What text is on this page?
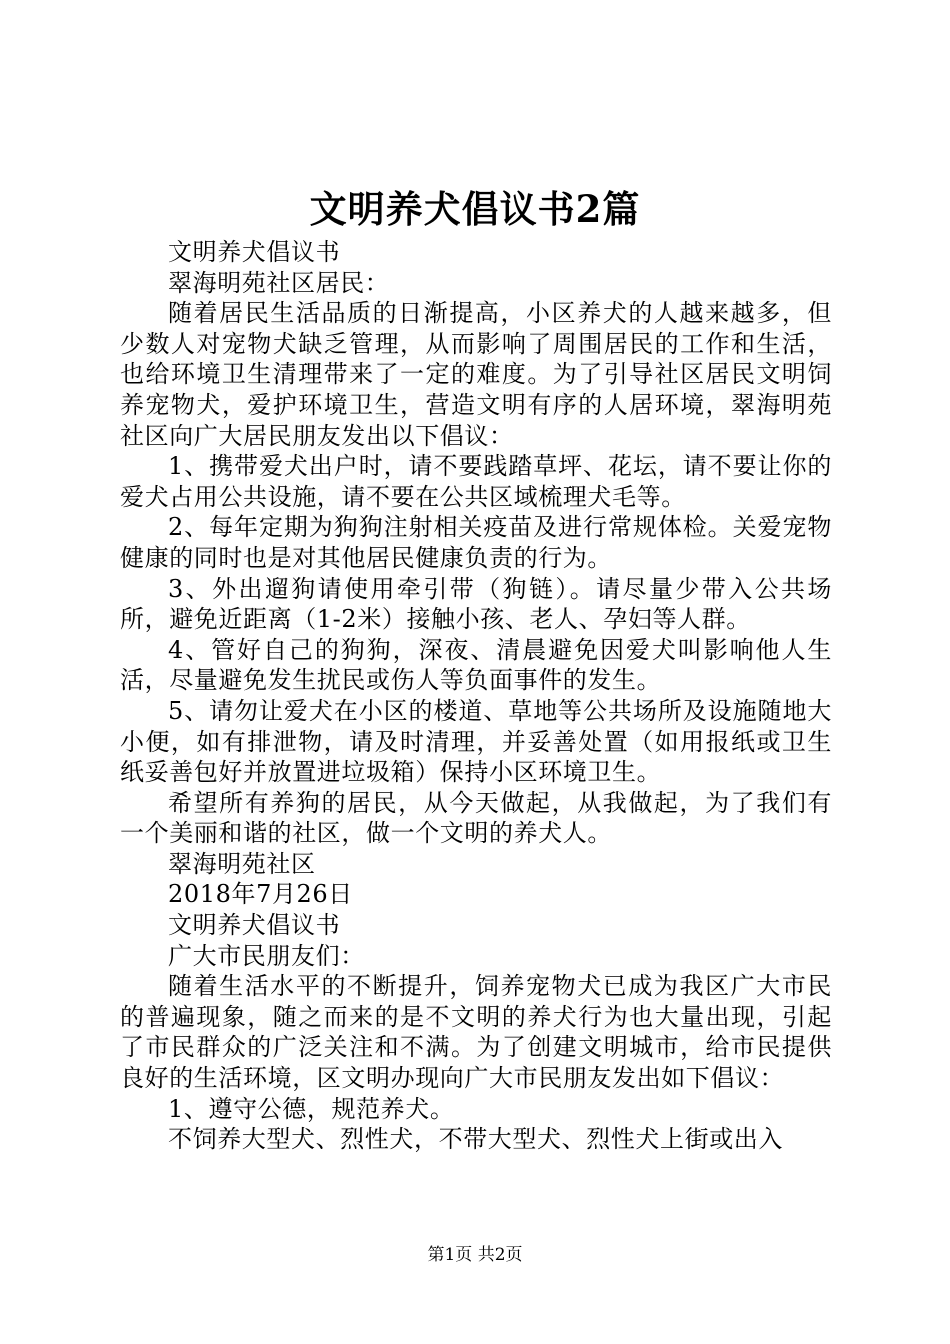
文明养犬倡议书2篇

文明养犬倡议书

翠海明苑社区居民：

随着居民生活品质的日渐提高，小区养犬的人越来越多，但少数人对宠物犬缺乏管理，从而影响了周围居民的工作和生活，也给环境卫生清理带来了一定的难度。为了引导社区居民文明饲养宠物犬，爱护环境卫生，营造文明有序的人居环境，翠海明苑社区向广大居民朋友发出以下倡议：

1、携带爱犬出户时，请不要践踏草坪、花坛，请不要让你的爱犬占用公共设施，请不要在公共区域梳理犬毛等。

2、每年定期为狗狗注射相关疫苗及进行常规体检。关爱宠物健康的同时也是对其他居民健康负责的行为。

3、外出遛狗请使用牵引带（狗链）。请尽量少带入公共场所，避免近距离（1-2米）接触小孩、老人、孕妇等人群。

4、管好自己的狗狗，深夜、清晨避免因爱犬叫影响他人生活，尽量避免发生扰民或伤人等负面事件的发生。

5、请勿让爱犬在小区的楼道、草地等公共场所及设施随地大小便，如有排泄物，请及时清理，并妥善处置（如用报纸或卫生纸妥善包好并放置进垃圾箱）保持小区环境卫生。

希望所有养狗的居民，从今天做起，从我做起，为了我们有一个美丽和谐的社区，做一个文明的养犬人。

翠海明苑社区

2018年7月26日

文明养犬倡议书

广大市民朋友们：

随着生活水平的不断提升，饲养宠物犬已成为我区广大市民的普遍现象，随之而来的是不文明的养犬行为也大量出现，引起了市民群众的广泛关注和不满。为了创建文明城市，给市民提供良好的生活环境，区文明办现向广大市民朋友发出如下倡议：

1、遵守公德，规范养犬。

不饲养大型犬、烈性犬，不带大型犬、烈性犬上街或出入

第1页 共2页
